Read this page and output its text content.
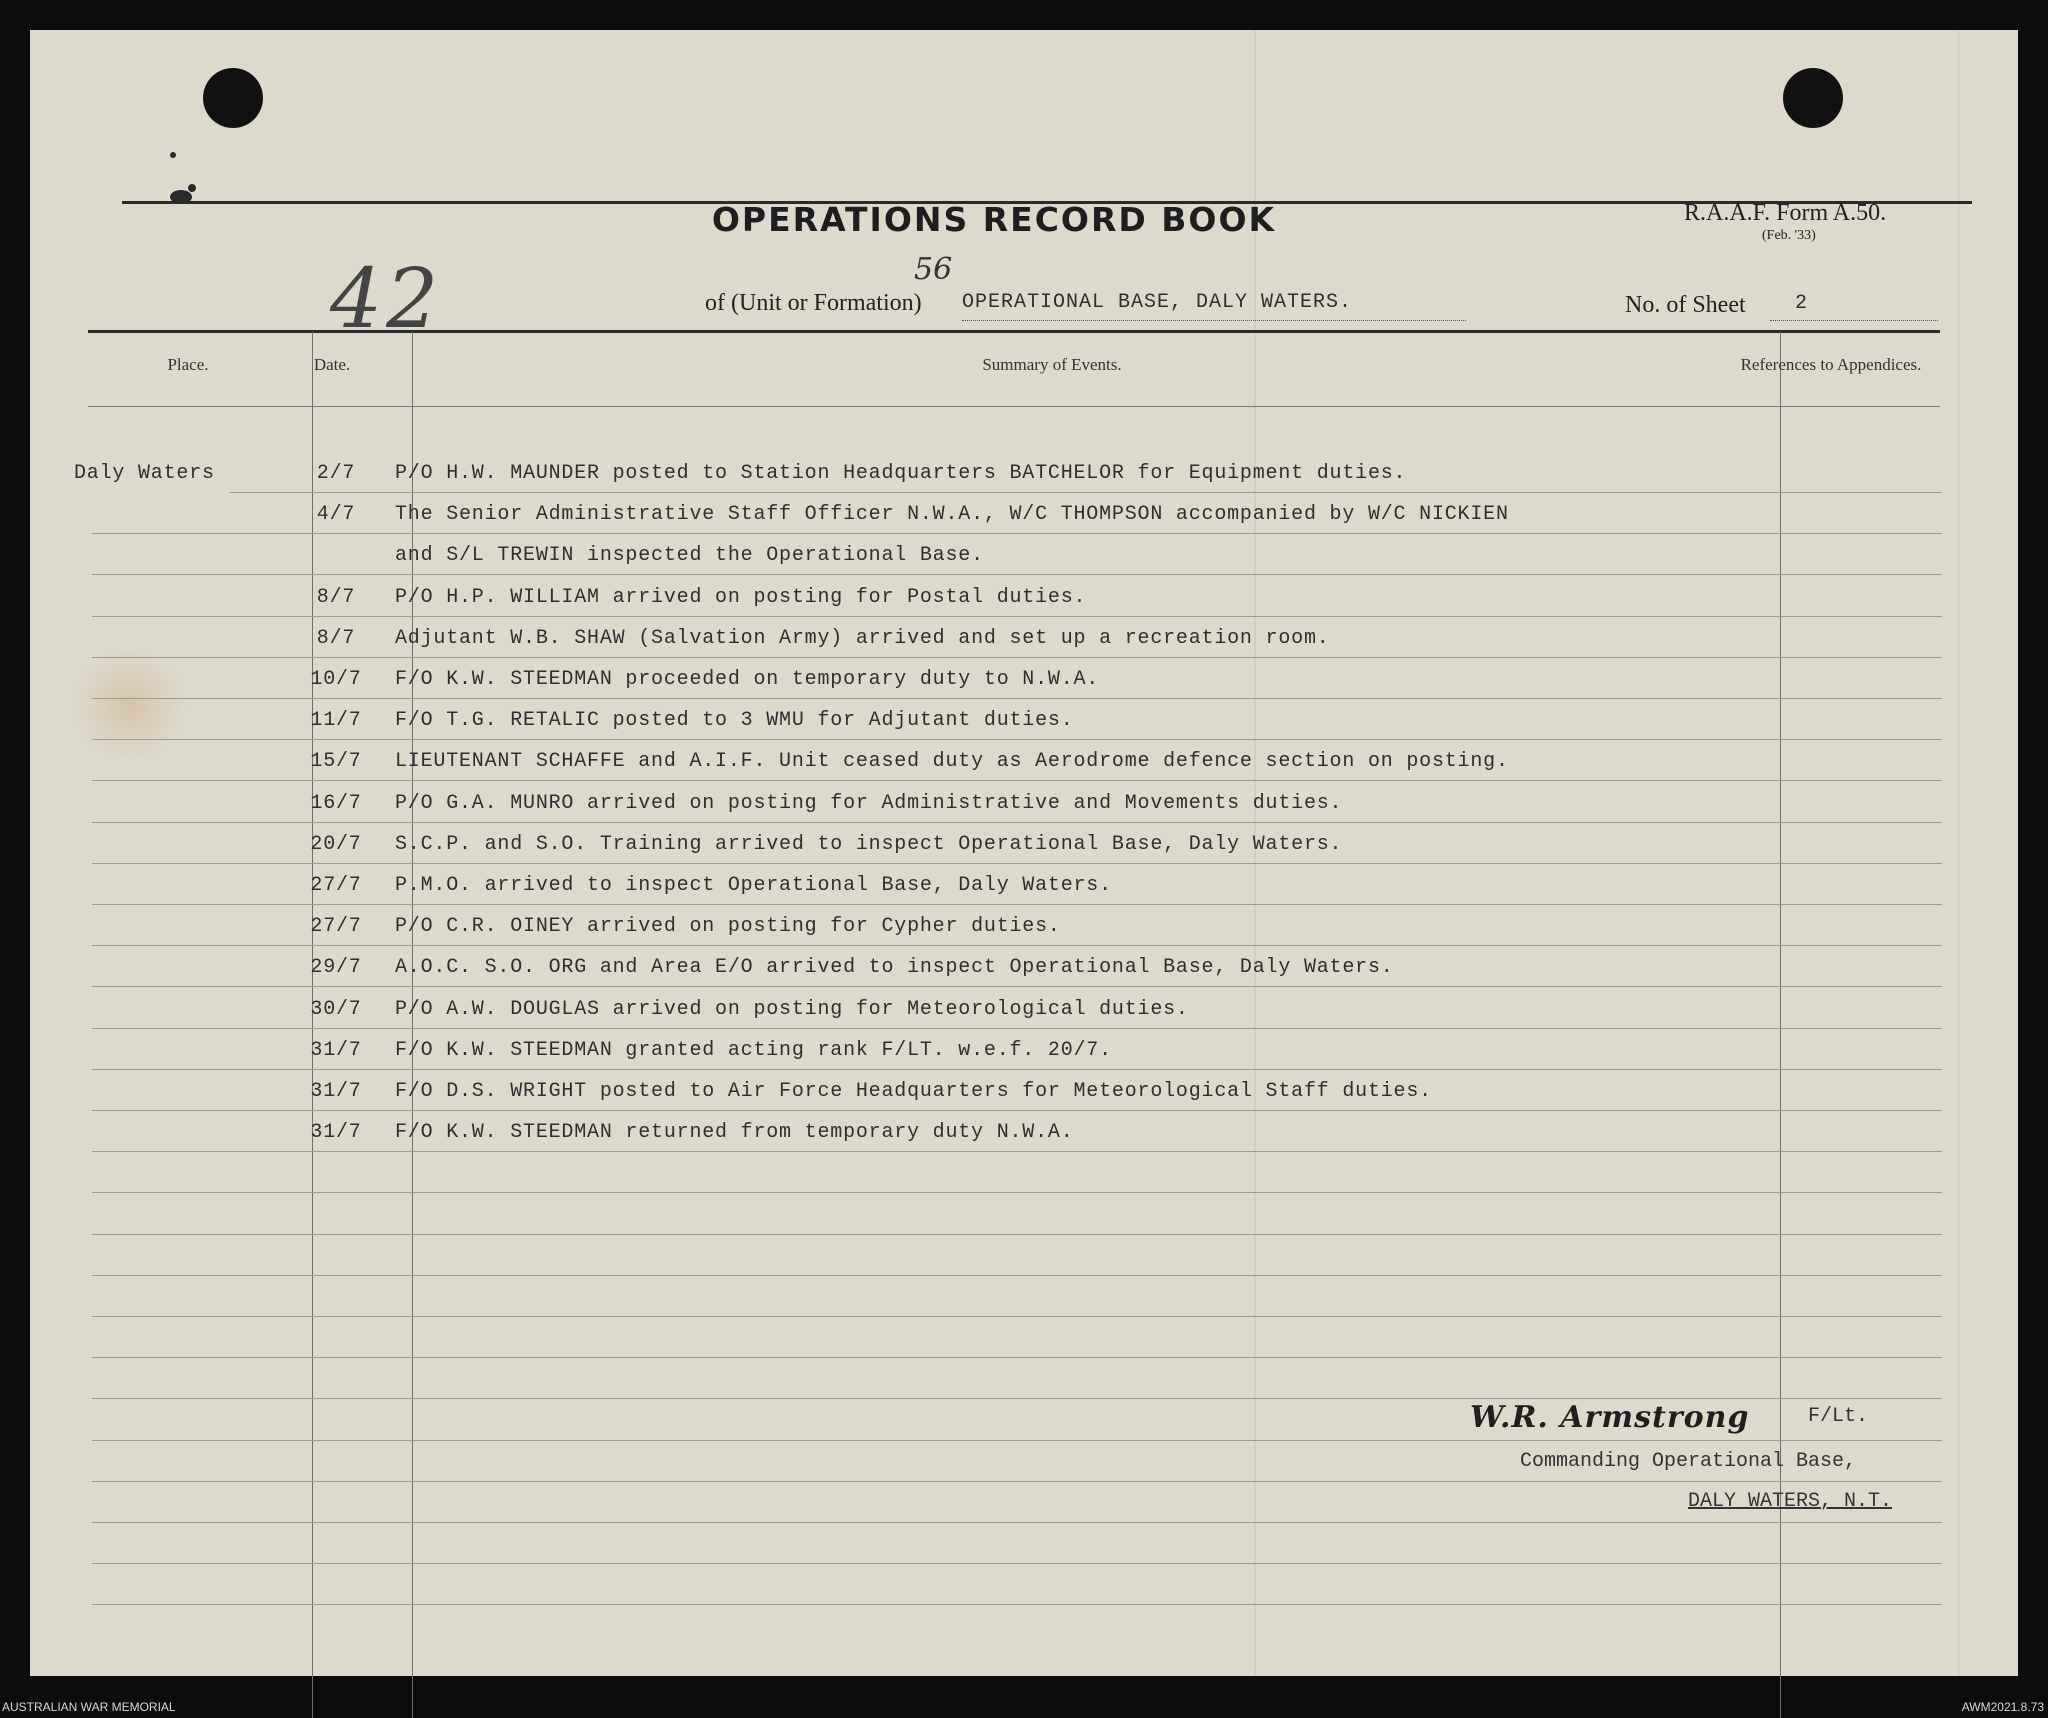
OPERATIONS RECORD BOOK	R.A.A.F. Form A.50.
(Feb. '33)
42	of (Unit or Formation)
56
OPERATIONAL BASE, DALY WATERS.	No. of Sheet 2
Place.	Date.	Summary of Events.	References to Appendices.
Daly Waters	2/7	P/O H.W. MAUNDER posted to Station Headquarters BATCHELOR for Equipment duties.
4/7	The Senior Administrative Staff Officer N.W.A., W/C THOMPSON accompanied by W/C NICKIEN
and S/L TREWIN inspected the Operational Base.
8/7	P/O H.P. WILLIAM arrived on posting for Postal duties.
8/7	Adjutant W.B. SHAW (Salvation Army) arrived and set up a recreation room.
10/7	F/O K.W. STEEDMAN proceeded on temporary duty to N.W.A.
11/7	F/O T.G. RETALIC posted to 3 WMU for Adjutant duties.
15/7	LIEUTENANT SCHAFFE and A.I.F. Unit ceased duty as Aerodrome defence section on posting.
16/7	P/O G.A. MUNRO arrived on posting for Administrative and Movements duties.
20/7	S.C.P. and S.O. Training arrived to inspect Operational Base, Daly Waters.
27/7	P.M.O. arrived to inspect Operational Base, Daly Waters.
27/7	P/O C.R. OINEY arrived on posting for Cypher duties.
29/7	A.O.C. S.O. ORG and Area E/O arrived to inspect Operational Base, Daly Waters.
30/7	P/O A.W. DOUGLAS arrived on posting for Meteorological duties.
31/7	F/O K.W. STEEDMAN granted acting rank F/LT. w.e.f. 20/7.
31/7	F/O D.S. WRIGHT posted to Air Force Headquarters for Meteorological Staff duties.
31/7	F/O K.W. STEEDMAN returned from temporary duty N.W.A.
W.R. Armstrong	F/Lt.
Commanding Operational Base,
DALY WATERS, N.T.
AUSTRALIAN WAR MEMORIAL	AWM2021.8.73
